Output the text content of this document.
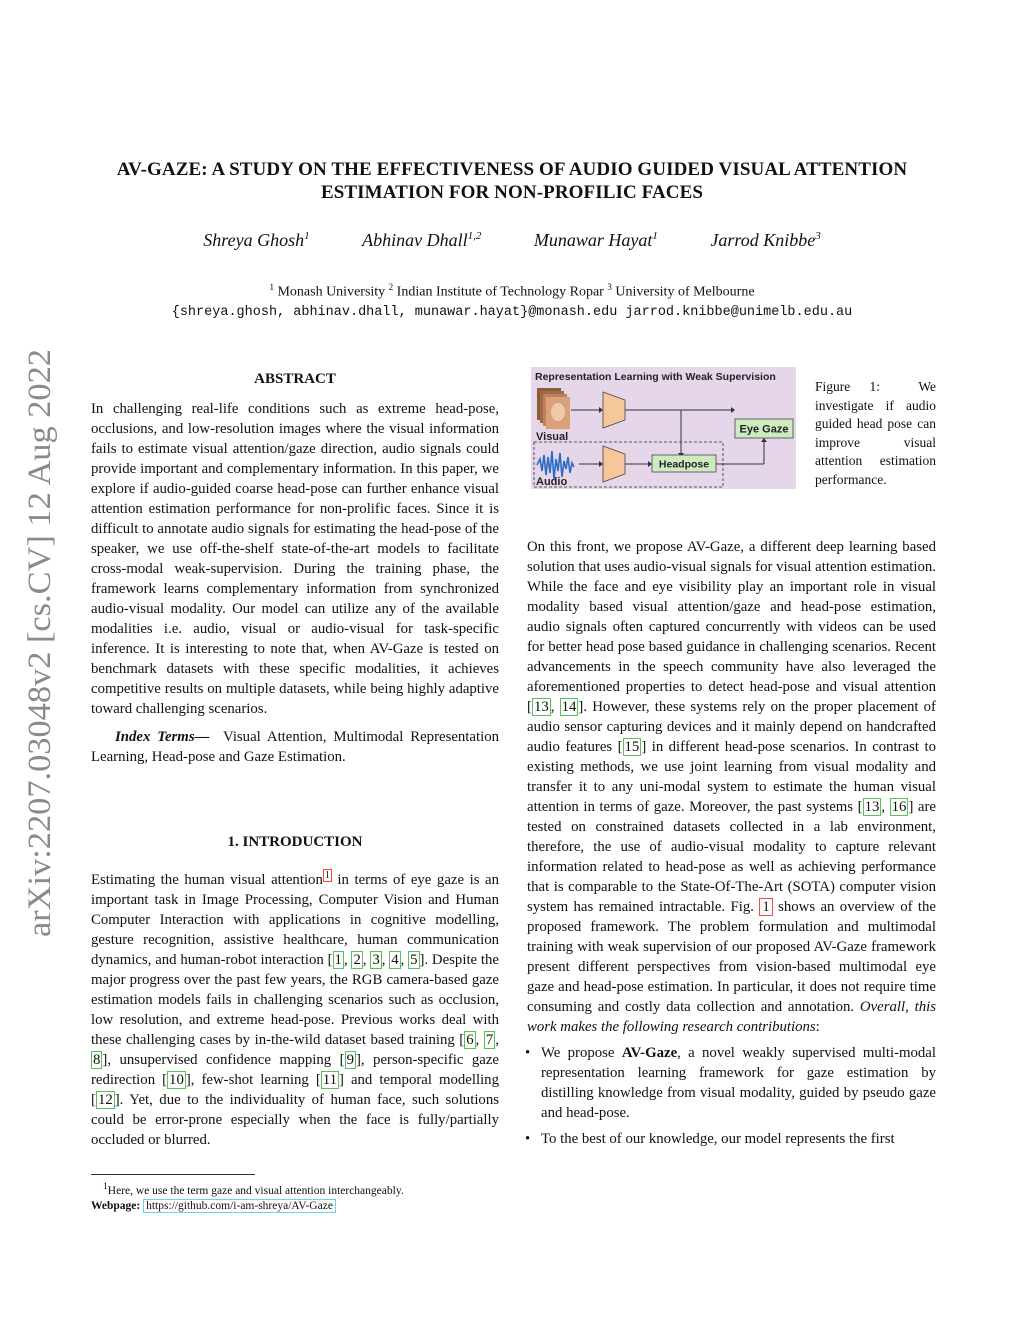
AV-GAZE: A STUDY ON THE EFFECTIVENESS OF AUDIO GUIDED VISUAL ATTENTION ESTIMATION FOR NON-PROFILIC FACES
Shreya Ghosh$^1$	Abhinav Dhall$^{1,2}$	Munawar Hayat$^1$	Jarrod Knibbe$^3$
$^1$ Monash University $^2$ Indian Institute of Technology Ropar $^3$ University of Melbourne
{shreya.ghosh, abhinav.dhall, munawar.hayat}@monash.edu jarrod.knibbe@unimelb.edu.au
arXiv:2207.03048v2 [cs.CV] 12 Aug 2022	ABSTRACT
In challenging real-life conditions such as extreme head-pose, occlusions, and low-resolution images where the visual information fails to estimate visual attention/gaze direction, audio signals could provide important and complementary information. In this paper, we explore if audio-guided coarse head-pose can further enhance visual attention estimation performance for non-prolific faces. Since it is difficult to annotate audio signals for estimating the head-pose of the speaker, we use off-the-shelf state-of-the-art models to facilitate cross-modal weak-supervision. During the training phase, the framework learns complementary information from synchronized audio-visual modality. Our model can utilize any of the available modalities i.e. audio, visual or audio-visual for task-specific inference. It is interesting to note that, when AV-Gaze is tested on benchmark datasets with these specific modalities, it achieves competitive results on multiple datasets, while being highly adaptive toward challenging scenarios.
Index Terms— Visual Attention, Multimodal Representation Learning, Head-pose and Gaze Estimation.
1. INTRODUCTION
Estimating the human visual attention $^1$ in terms of eye gaze is an important task in Image Processing, Computer Vision and Human Computer Interaction with applications in cognitive modelling, gesture recognition, assistive healthcare, human communication dynamics, and human-robot interaction [ 1 , 2 , 3 , 4 , 5 ]. Despite the major progress over the past few years, the RGB camera-based gaze estimation models fails in challenging scenarios such as occlusion, low resolution, and extreme head-pose. Previous works deal with these challenging cases by in-the-wild dataset based training [ 6 , 7 , 8 ], unsupervised confidence mapping [ 9 ], person-specific gaze redirection [ 10 ], few-shot learning [ 11 ] and temporal modelling [ 12 ]. Yet, due to the individuality of human face, such solutions could be error-prone especially when the face is fully/partially occluded or blurred.
$^1$Here, we use the term gaze and visual attention interchangeably.
Webpage: https://github.com/i-am-shreya/AV-Gaze
Representation Learning with Weak Supervision
Visual
Audio
Headpose
Eye Gaze
Figure 1:	We investigate if audio guided head pose can improve visual attention estimation performance.
On this front, we propose AV-Gaze, a different deep learning based solution that uses audio-visual signals for visual attention estimation. While the face and eye visibility play an important role in visual modality based visual attention/gaze and head-pose estimation, audio signals often captured concurrently with videos can be used for better head pose based guidance in challenging scenarios. Recent advancements in the speech community have also leveraged the aforementioned properties to detect head-pose and visual attention [ 13 , 14 ]. However, these systems rely on the proper placement of audio sensor capturing devices and it mainly depend on handcrafted audio features [ 15 ] in different head-pose scenarios. In contrast to existing methods, we use joint learning from visual modality and transfer it to any uni-modal system to estimate the human visual attention in terms of gaze. Moreover, the past systems [ 13 , 16 ] are tested on constrained datasets collected in a lab environment, therefore, the use of audio-visual modality to capture relevant information related to head-pose as well as achieving performance that is comparable to the State-Of-The-Art (SOTA) computer vision system has remained intractable. Fig. 1 shows an overview of the proposed framework. The problem formulation and multimodal training with weak supervision of our proposed AV-Gaze framework present different perspectives from vision-based multimodal eye gaze and head-pose estimation. In particular, it does not require time consuming and costly data collection and annotation. Overall, this work makes the following research contributions:
• We propose AV-Gaze, a novel weakly supervised multi-modal representation learning framework for gaze estimation by distilling knowledge from visual modality, guided by pseudo gaze and head-pose.
• To the best of our knowledge, our model represents the first
